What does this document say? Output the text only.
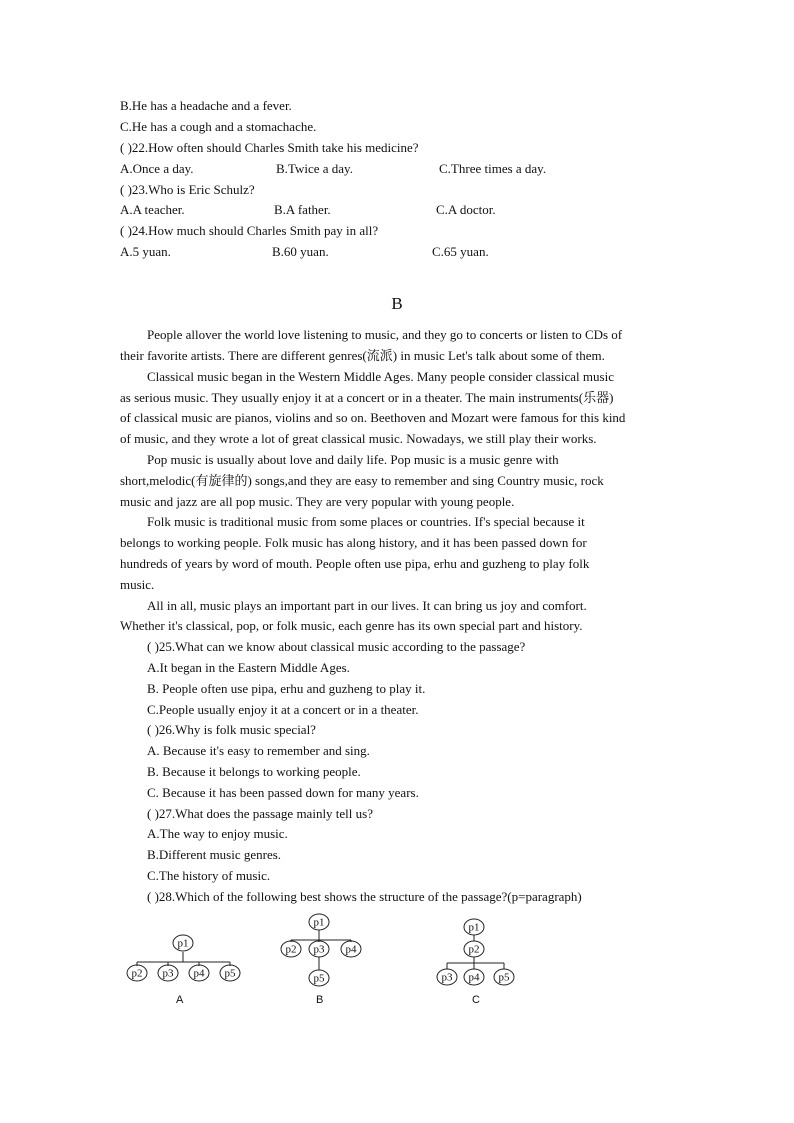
B.He has a headache and a fever.
C.He has a cough and a stomachache.
( )22.How often should Charles Smith take his medicine?
A.Once a day.	B.Twice a day.	C.Three times a day.
( )23.Who is Eric Schulz?
A.A teacher.	B.A father.	C.A doctor.
( )24.How much should Charles Smith pay in all?
A.5 yuan.	B.60 yuan.	C.65 yuan.
B
People allover the world love listening to music, and they go to concerts or listen to CDs of
their favorite artists. There are different genres(流派) in music Let's talk about some of them.
Classical music began in the Western Middle Ages. Many people consider classical music
as serious music. They usually enjoy it at a concert or in a theater. The main instruments(乐器)
of classical music are pianos, violins and so on. Beethoven and Mozart were famous for this kind
of music, and they wrote a lot of great classical music. Nowadays, we still play their works.
Pop music is usually about love and daily life. Pop music is a music genre with
short,melodic(有旋律的) songs,and they are easy to remember and sing Country music, rock
music and jazz are all pop music. They are very popular with young people.
Folk music is traditional music from some places or countries. If's special because it
belongs to working people. Folk music has along history, and it has been passed down for
hundreds of years by word of mouth. People often use pipa, erhu and guzheng to play folk
music.
All in all, music plays an important part in our lives. It can bring us joy and comfort.
Whether it's classical, pop, or folk music, each genre has its own special part and history.
( )25.What can we know about classical music according to the passage?
A.It began in the Eastern Middle Ages.
B. People often use pipa, erhu and guzheng to play it.
C.People usually enjoy it at a concert or in a theater.
( )26.Why is folk music special?
A. Because it's easy to remember and sing.
B. Because it belongs to working people.
C. Because it has been passed down for many years.
( )27.What does the passage mainly tell us?
A.The way to enjoy music.
B.Different music genres.
C.The history of music.
( )28.Which of the following best shows the structure of the passage?(p=paragraph)
p1
p2 p3 p4 p5
p1
p2 p3 p4
p5
p1
p2
p3 p4 p5
A	B	C
